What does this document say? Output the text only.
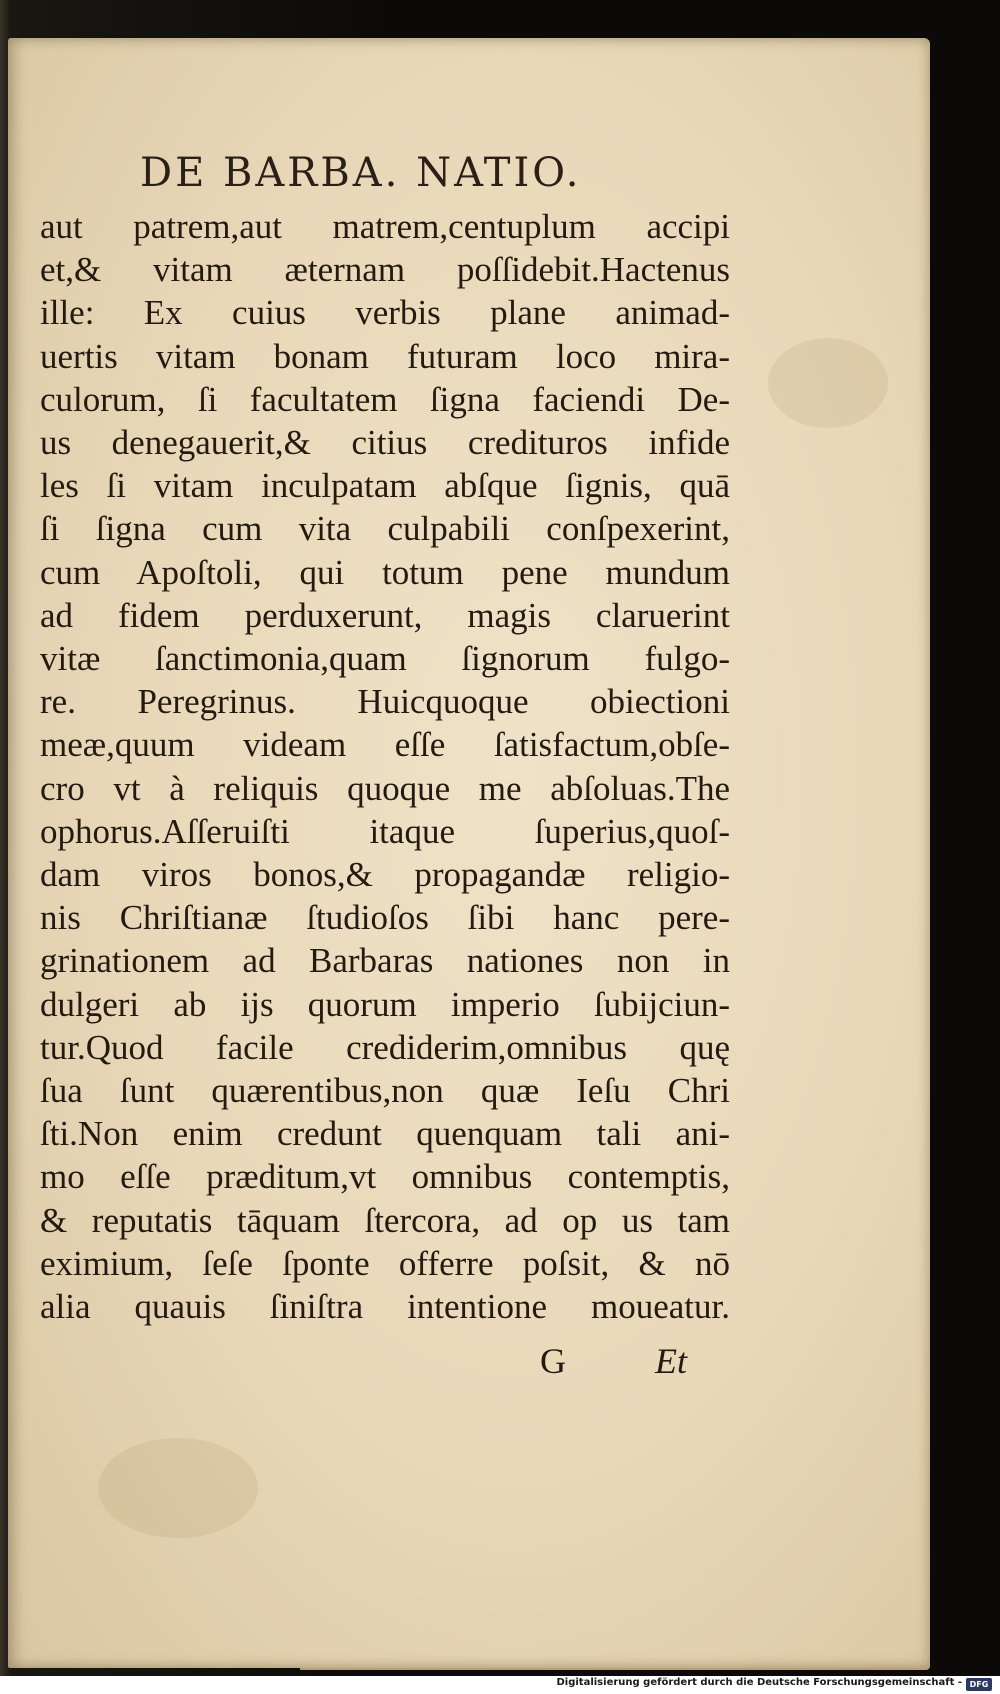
DE BARBA. NATIO.
aut patrem,aut matrem,centuplum accipi
et,& vitam æternam poſſidebit.Hactenus
ille: Ex cuius verbis plane animad-
uertis vitam bonam futuram loco mira-
culorum, ſi facultatem ſigna faciendi De-
us denegauerit,& citius credituros infide
les ſi vitam inculpatam abſque ſignis, quā
ſi ſigna cum vita culpabili conſpexerint,
cum Apoſtoli, qui totum pene mundum
ad fidem perduxerunt, magis claruerint
vitæ ſanctimonia,quam ſignorum fulgo-
re. Peregrinus. Huicquoque obiectioni
meæ,quum videam eſſe ſatisfactum,obſe-
cro vt à reliquis quoque me abſoluas.The
ophorus.Aſſeruiſti itaque ſuperius,quoſ-
dam viros bonos,& propagandæ religio-
nis Chriſtianæ ſtudioſos ſibi hanc pere-
grinationem ad Barbaras nationes non in
dulgeri ab ijs quorum imperio ſubijciun-
tur.Quod facile crediderim,omnibus quę
ſua ſunt quærentibus,non quæ Ieſu Chri
ſti.Non enim credunt quenquam tali ani-
mo eſſe præditum,vt omnibus contemptis,
& reputatis tāquam ſtercora, ad op us tam
eximium, ſeſe ſponte offerre poſsit, & nō
alia quauis ſiniſtra intentione moueatur.
G Et
Digitalisierung gefördert durch die Deutsche Forschungsgemeinschaft - DFG
